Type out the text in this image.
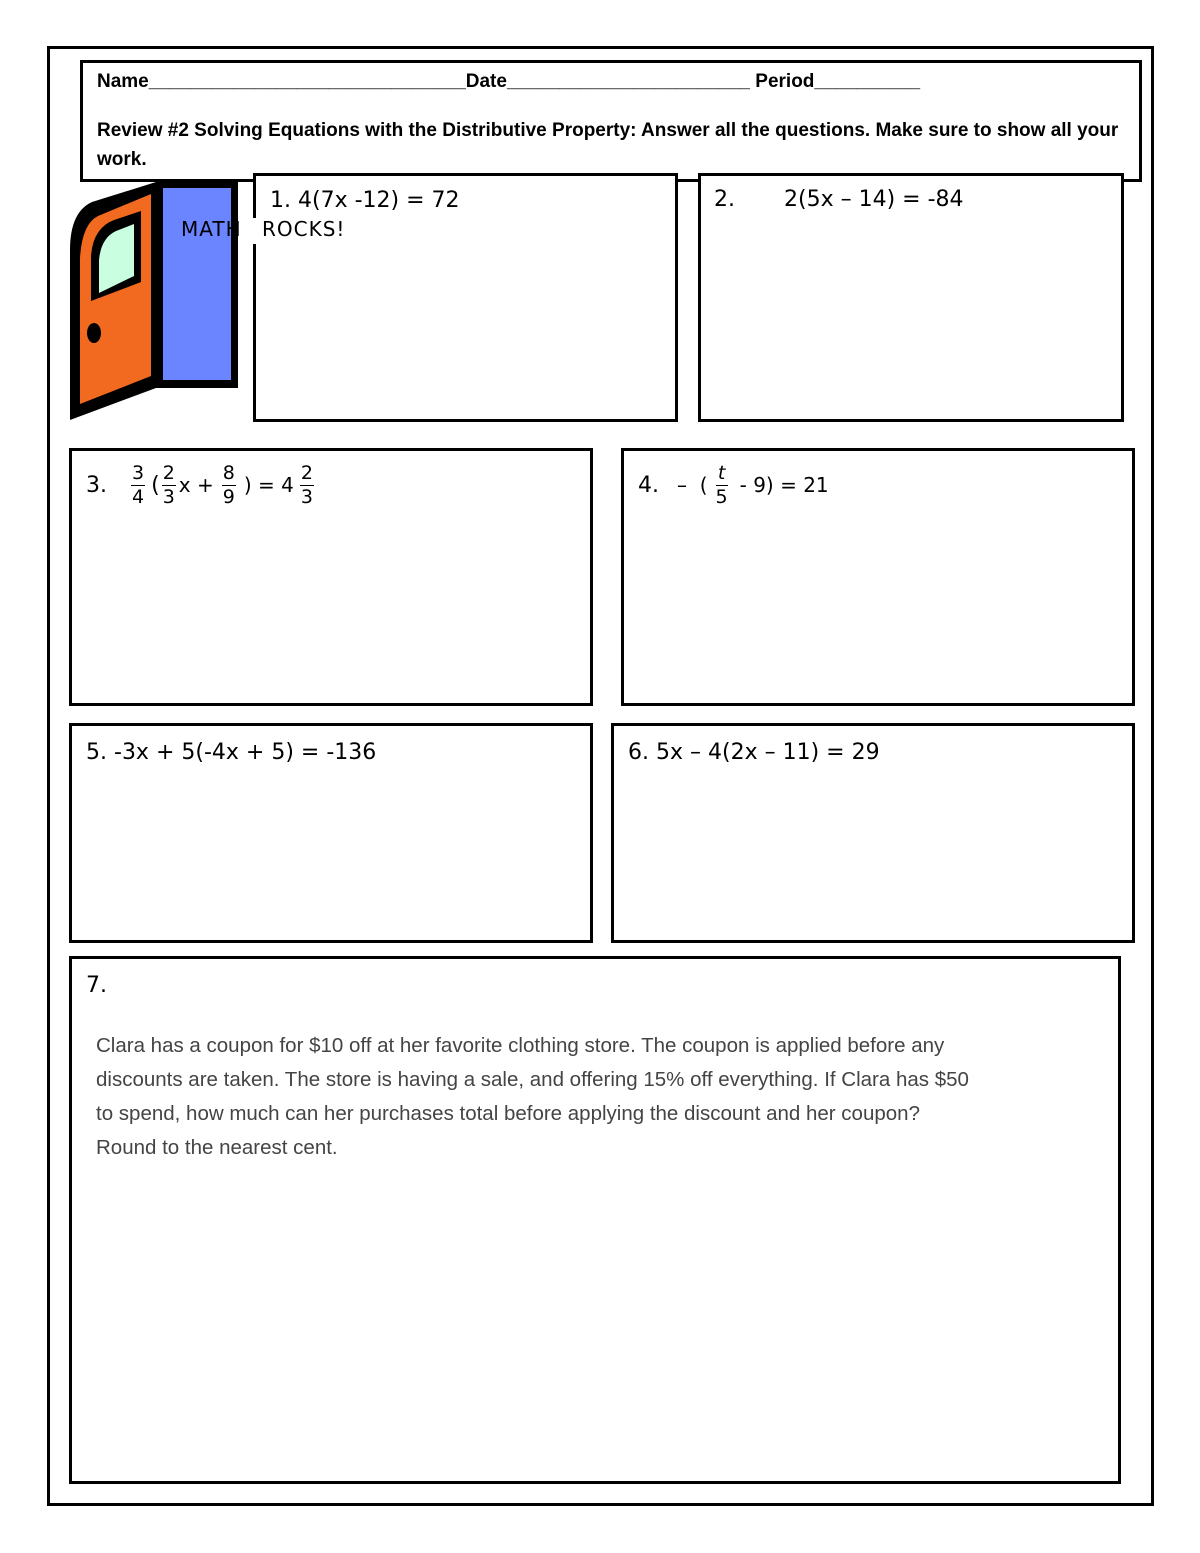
Name______________________________Date_______________________ Period__________
Review #2 Solving Equations with the Distributive Property: Answer all the questions. Make sure to show all your
work.
MATH
1. 4(7x -12) = 72
ROCKS!
2. 2(5x – 14) = -84
3. $\frac{3}{4}$ ( $\frac{2}{3}$ $x + \frac{8}{9}$ ) = $4 \frac{2}{3}$	4. –  ( $\frac{t}{5} - 9) = 21$
5. -3x + 5(-4x + 5) = -136	6. 5x – 4(2x – 11) = 29
7.
Clara has a coupon for $10 off at her favorite clothing store. The coupon is applied before any
discounts are taken. The store is having a sale, and offering 15% off everything. If Clara has $50
to spend, how much can her purchases total before applying the discount and her coupon?
Round to the nearest cent.
